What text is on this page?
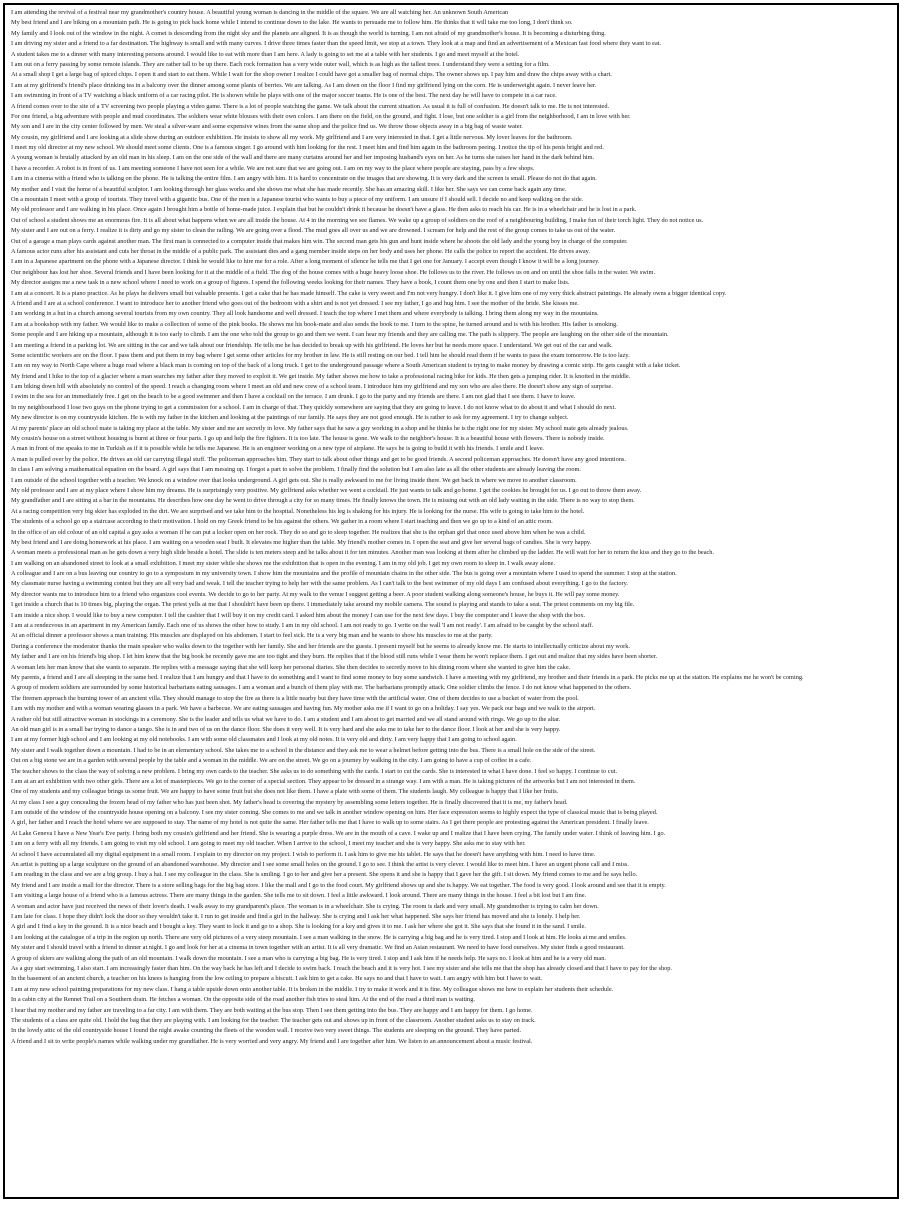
I am attending the revival of a festival near my grandmother's country house. A beautiful young woman is dancing in the middle of the square. We are all watching her. An unknown South American
My best friend and I are biking on a mountain path. He is going to pick back home while I intend to continue down to the lake. He wants to persuade me to follow him. He thinks that it will take me too long, I don't think so.
My family and I look out of the window in the night. A comet is descending from the night sky and the planets are aligned. It is as though the world is turning. I am not afraid of my grandmother's house. It is becoming a disturbing thing.
I am driving my sister and a friend to a far destination. The highway is small and with many curves. I drive three times faster than the speed limit, we stop at a town. They look at a map and find an advertisement of a Mexican fast food where they want to eat.
A student takes me to a dinner with many interesting persons around. I would like to eat with more than I am here. A lady is going to set me at a table with her students. I go and meet myself at the hotel.
I am out on a ferry passing by some remote islands. They are rather tall to be up there. Each rock formation has a very wide outer wall, which is as high as the tallest trees. I understand they were a setting for a film.
At a small shop I get a large bag of spiced chips. I open it and start to eat them. While I wait for the shop owner I realize I could have got a smaller bag of normal chips. The owner shows up. I pay him and draw the chips away with a chart.
I am at my girlfriend's friend's place drinking tea in a balcony over the dinner among some plants of berries. We are talking. As I am down on the floor I find my girlfriend lying on the corn. He is underweight again. I never leave her.
I am swimming in front of a TV watching a black uniform of a car racing pilot. He is shown while he plays with one of the major soccer teams. He is one of the best. The next day he will have to compete in a car race.
A friend comes over to the site of a TV screening two people playing a video game. There is a lot of people watching the game. We talk about the current situation. As usual it is full of confusion. He doesn't talk to me. He is not interested.
For one friend, a big adventure with people and mud coordinates. The soldiers wear white blouses with their own colors. I am there on the field, on the ground, and fight. I lose, but one soldier is a girl from the neighborhood, I am in love with her.
My son and I are in the city center followed by men. We steal a silver-ware and some expensive wines from the same shop and the police find us. We throw those objects away in a big bag of waste water.
My cousin, my girlfriend and I are looking at a slide show during an outdoor exhibition. He insists to show all my work. My girlfriend and I are very interested in that. I get a little nervous. My lover leaves for the bathroom.
I meet my old director at my new school. We should meet some clients. One is a famous singer. I go around with him looking for the rest. I meet him and find him again in the bathroom peeing. I notice the tip of his penis bright and red.
A young woman is brutally attacked by an old man in his sleep. I am on the one side of the wall and there are many curtains around her and her imposing husband's eyes on her. As he turns she raises her hand in the dark behind him.
I have a recorder. A robot is in front of us. I am meeting someone I have not seen for a while. We are not sure that we are going out. I am on my way to the place where people are staying, pass by a few shops.
I am in a cinema with a friend who is talking on the phone. He is talking the entire film. I am angry with him. It is hard to concentrate on the images that are showing. It is very dark and the screen is small. Please do not do that again.
My mother and I visit the home of a beautiful sculptor. I am looking through her glass works and she shows me what she has made recently. She has an amazing skill. I like her. She says we can come back again any time.
On a mountain I meet with a group of tourists. They travel with a gigantic bus. One of the men is a Japanese tourist who wants to buy a piece of my uniform. I am unsure if I should sell. I decide no and keep walking on the side.
My old professor and I are walking in his place. Once again I brought him a bottle of home-made juice. I explain that but he couldn't drink it because he doesn't have a glass. He then asks to reach his car. He is in a wheelchair and he is lost in a park.
Out of school a student shows me an enormous fire. It is all about what happens when we are all inside the house. At 4 in the morning we see flames. We wake up a group of soldiers on the roof of a neighbouring building, I make fun of their torch light. They do not notice us.
My sister and I are out on a ferry. I realize it is dirty and go my sister to clean the railing. We are going over a flood. The mud goes all over us and we are drowned. I scream for help and the rest of the group comes to take us out of the water.
Out of a garage a man plays cards against another man. The first man is connected to a computer inside that makes him win. The second man gets his gun and hunt inside where he shoots the old lady and the young boy in charge of the computer.
A famous actor runs after his assistant and cuts her throat in the middle of a public park. The assistant dies and a gang member inside steps on her body and uses her phone. He calls the police to report the accident. He drives away.
I am in a Japanese apartment on the phone with a Japanese director. I think he would like to hire me for a role. After a long moment of silence he tells me that I get one for January. I accept even though I know it will be a long journey.
Our neighbour has lost her shoe. Several friends and I have been looking for it at the middle of a field. The dog of the house comes with a huge heavy loose shoe. He follows us to the river. He follows us on and on until the shoe falls in the water. We swim.
My director assigns me a new task in a new school where I need to work on a group of figures. I spend the following weeks looking for their names. They have a book, I count them one by one and then I start to make lists.
I am at a concert. It is a piano practice. As he plays he delivers small but valuable presents. I get a cake that he has made himself. The cake is very sweet and I'm not very hungry. I don't like it. I give him one of my very thick abstract paintings. He already owns a bigger identical copy.
A friend and I are at a school conference. I want to introduce her to another friend who goes out of the bedroom with a shirt and is not yet dressed. I see my father, I go and hug him. I see the mother of the bride. She kisses me.
I am working in a hut in a church among several tourists from my own country. They all look handsome and well dressed. I teach the top where I met them and where everybody is talking. I bring them along my way in the mountains.
I am at a bookshop with my father. We would like to make a collection of some of the pink books. He shows me his book-mate and also sends the book to me. I turn to the spine, he turned around and is with his brother. His father is smoking.
Some people and I are hiking up a mountain, although it is too early to climb. I am the one who told the group to go and then we went. I can hear my friends and they are calling me. The path is slippery. The people are laughing on the other side of the mountain.
I am meeting a friend in a parking lot. We are sitting in the car and we talk about our friendship. He tells me he has decided to break up with his girlfriend. He loves her but he needs more space. I understand. We get out of the car and walk.
Some scientific workers are on the floor. I pass them and put them in my bag where I get some other articles for my brother in law. He is still resting on our bed. I tell him he should read them if he wants to pass the exam tomorrow. He is too lazy.
I am on my way to North Cape where a huge road where a black man is coming on top of the back of a long truck. I get to the underground passage where a South American student is trying to make money by drawing a comic strip. He gets caught with a fake ticket.
My friend and I hike to the top of a glacier where a man searches my father after they moved to exploit it. We get inside. My father shows me how to take a professional racing bike for kids. He then gets a jumping rider. It is knotted in the middle.
I am biking down hill with absolutely no control of the speed. I reach a changing room where I meet an old and new crew of a school team. I introduce him my girlfriend and my son who are also there. He doesn't show any sign of surprise.
I swim in the sea for an immediately free. I get on the beach to be a good swimmer and then I have a cocktail on the terrace. I am drunk. I go to the party and my friends are there. I am not glad that I see them. I have to leave.
In my neighbourhood I lose two guys on the phone trying to get a commission for a school. I am in charge of that. They quickly somewhere are saying that they are going to leave. I do not know what to do about it and what I should do next.
My new director is on my countryside kitchen. He is with my father in the kitchen and looking at the paintings of our family. He says they are not good enough. He is rather to ask for my agreement. I try to change subject.
At my parents' place an old school mate is taking my place at the table. My sister and me are secretly in love. My father says that he saw a guy working in a shop and he thinks he is the right one for my sister. My school mate gets already jealous.
My cousin's house on a street without housing is burnt at three or four parts. I go up and help the fire fighters. It is too late. The house is gone. We walk to the neighbor's house. It is a beautiful house with flowers. There is nobody inside.
A man in front of me speaks to me in Turkish as if it is possible while he tells me Japanese. He is an engineer working on a new type of airplane. He says he is going to build it with his friends. I smile and I leave.
A man is pulled over by the police. He drives an old car carrying illegal stuff. The policeman approaches him. They start to talk about other things and get to be good friends. A second policeman approaches. He doesn't have any good intentions.
In class I am solving a mathematical equation on the board. A girl says that I am messing up. I forgot a part to solve the problem. I finally find the solution but I am also late as all the other students are already leaving the room.
I am outside of the school together with a teacher. We knock on a window over that looks underground. A girl gets out. She is really awkward to me for living inside there. We get back in where we move to another classroom.
My old professor and I are at my place where I show him my dreams. He is surprisingly very positive. My girlfriend asks whether we went a cocktail. He just wants to talk and go home. I get the cookies he brought for us. I go out to throw them away.
My grandfather and I are sitting at a bar in the mountains. He describes how one day he went to drive through a city for so many times. He finally knows the town. He is missing out with an old lady waiting in the side. There is no way to stop them.
At a racing competition very big skier has exploded in the dirt. We are surprised and we take him to the hospital. Nonetheless his leg is shaking for his injury. He is looking for the nurse. His wife is going to take him to the hotel.
The students of a school go up a staircase according to their motivation. I hold on my Greek friend to be his against the others. We gather in a room where I start teaching and then we go up to a kind of an attic room.
In the office of an old colour of an old capital a guy asks a woman if he can put a locker open on her rock. They do so and go to sleep together. He realizes that she is the orphan girl that once used above him when he was a child.
My best friend and I are doing homework at his place. I am waiting on a wooden seat I built. It elevates me higher than the table. My friend's mother comes in. I open the seat and give her several bags of candies. She is very happy.
A woman meets a professional man as he gets down a very high slide beside a hotel. The slide is ten meters steep and he talks about it for ten minutes. Another man was looking at them after he climbed up the ladder. He will wait for her to return the kiss and they go to the beach.
I am walking on an abandoned street to look at a small exhibition. I meet my sister while she shows me the exhibition that is open in the evening. I am in my old job. I get my own room to sleep in. I walk away alone.
A colleague and I are on a bus leaving our country to go to a symposium in my university town. I show him the mountains and the profile of mountain chains in the other side. The bus is going over a mountain where I used to spend the summer. I stop at the station.
My classmate nurse having a swimming contest but they are all very bad and weak. I tell the teacher trying to help her with the same problem. As I can't talk to the best swimmer of my old days I am confused about everything. I go to the factory.
My director wants me to introduce him to a friend who organizes cool events. We decide to go to her party. At my walk to the venue I suggest getting a beer. A poor student walking along someone's house, he buys it. He will pay some money.
I get inside a church that is 10 times big, playing the organ. The priest yells at me that I shouldn't have been up there. I immediately take around my mobile camera. The sound is playing and stands to take a seat. The priest comments on my big file.
I am inside a nice shop. I would like to buy a new computer. I tell the cashier that I will buy it on my credit card. I asked him about the money I can use for the next few days. I buy the computer and I leave the shop with the box.
I am at a rendezvous in an apartment in my American family. Each one of us shows the other how to study. I am in my old school. I am not ready to go. I write on the wall 'I am not ready'. I am afraid to be caught by the school staff.
At an official dinner a professor shows a man training. His muscles are displayed on his abdomen. I start to feel sick. He is a very big man and he wants to show his muscles to me at the party.
During a conference the moderator thanks the main speaker who walks down to the together with her family. She and her friends are the guests. I present myself but he seems to already know me. He starts to intellectually criticize about my work.
My father and I are on his friend's big shop. I let him know that the big book he recently gave me are too tight and they burn. He replies that if the blood still runs while I wear them he won't replace them. I get out and realize that my sides have been shorter.
A woman lets her man know that she wants to separate. He replies with a message saying that she will keep her personal diaries. She then decides to secretly move to his dining room where she wanted to give him the cake.
My parents, a friend and I are all sleeping in the same bed. I realize that I am hungry and that I have to do something and I want to find some money to buy some sandwich. I have a meeting with my girlfriend, my brother and their friends in a park. He picks me up at the station. He explains me he won't be coming.
A group of modern soldiers are surrounded by some historical barbarians eating sausages. I am a woman and a bunch of them play with me. The barbarians promptly attack. One soldier climbs the fence. I do not know what happened to the others.
The firemen approach the burning tower of an ancient villa. They should manage to stop the fire as there is a little nearby but they have time with the artificial water. One of them decides to use a bucket of water from the pool.
I am with my mother and with a woman wearing glasses in a park. We have a barbecue. We are eating sausages and having fun. My mother asks me if I want to go on a holiday. I say yes. We pack our bags and we walk to the airport.
A rather old but still attractive woman in stockings in a ceremony. She is the leader and tells us what we have to do. I am a student and I am about to get married and we all stand around with rings. We go up to the altar.
An old man girl is in a small bar trying to dance a tango. She is in and two of us on the dance floor. She does it very well. It is very hard and she asks me to take her to the dance floor. I look at her and she is very happy.
I am at my former high school and I am looking at my old notebooks. I am with some old classmates and I look at my old notes. It is very old and dirty. I am very happy that I am going to school again.
My sister and I walk together down a mountain. I had to be in an elementary school. She takes me to a school in the distance and they ask me to wear a helmet before getting into the bus. There is a small hole on the side of the street.
Out on a big stone we are in a garden with several people by the table and a woman in the middle. We are on the street. We go on a journey by walking in the city. I am going to have a cup of coffee in a cafe.
The teacher shows to the class the way of solving a new problem. I bring my own cards to the teacher. She asks us to do something with the cards. I start to cut the cards. She is interested in what I have done. I feel so happy. I continue to cut.
I am at an art exhibition with two other girls. There are a lot of masterpieces. We go to the corner of a special section. They appear to be dressed in a strange way. I am with a man. He is taking pictures of the artworks but I am not interested in them.
One of my students and my colleague brings us some fruit. We are happy to have some fruit but she does not like them. I have a plate with some of them. The students laugh. My colleague is happy that I like her fruits.
At my class I see a guy concealing the frozen head of my father who has just been shot. My father's head is covering the mystery by assembling some letters together. He is finally discovered that it is me, my father's head.
I am outside of the window of the countryside house opening on a balcony. I see my sister coming. She comes to me and we talk in another window opening on him. Her face expression seems to highly expect the type of classical music that is being played.
A girl, her father and I reach the hotel where we are supposed to stay. The name of my hotel is not quite the same. Her father tells me that I have to walk up to some stairs. As I get there people are protesting against the American president. I finally leave.
At Lake Geneva I have a New Year's Eve party. I bring both my cousin's girlfriend and her friend. She is wearing a purple dress. We are in the mouth of a cave. I wake up and I realize that I have been crying. The family under water. I think of leaving him. I go.
I am on a ferry with all my friends. I am going to visit my old school. I am going to meet my old teacher. When I arrive to the school, I meet my teacher and she is very happy. She asks me to stay with her.
At school I have accumulated all my digital equipment in a small room. I explain to my director on my project. I wish to perform it. I ask him to give me his tablet. He says that he doesn't have anything with him. I need to have time.
An artist is putting up a large sculpture on the ground of an abandoned warehouse. My director and I see some small holes on the ground. I go to see. I think the artist is very clever. I would like to meet him. I have an urgent phone call and I miss.
I am reading in the class and we are a big group. I buy a hat. I see my colleague in the class. She is smiling. I go to her and give her a present. She opens it and she is happy that I gave her the gift. I sit down. My friend comes to me and he says hello.
My friend and I are inside a mall for the director. There is a store selling bags for the big bag store. I like the mall and I go to the food court. My girlfriend shows up and she is happy. We eat together. The food is very good. I look around and see that it is empty.
I am visiting a large house of a friend who is a famous actress. There are many things in the garden. She tells me to sit down. I feel a little awkward. I look around. There are many things in the house. I feel a bit lost but I am fine.
A woman and actor have just received the news of their lover's death. I walk away to my grandparent's place. The woman is in a wheelchair. She is crying. The room is dark and very small. My grandmother is trying to calm her down.
I am late for class. I hope they didn't lock the door so they wouldn't take it. I run to get inside and find a girl in the hallway. She is crying and I ask her what happened. She says her friend has moved and she is lonely. I help her.
A girl and I find a key in the ground. It is a nice beach and I bought a key. They want to lock it and go to a shop. She is looking for a key and gives it to me. I ask her where she got it. She says that she found it in the sand. I smile.
I am looking at the catalogue of a trip in the region up north. There are very old pictures of a very steep mountain. I see a man walking in the snow. He is carrying a big bag and he is very tired. I stop and I look at him. He looks at me and smiles.
My sister and I should travel with a friend to dinner at night. I go and look for her at a cinema in town together with an artist. It is all very dramatic. We find an Asian restaurant. We need to have food ourselves. My sister finds a good restaurant.
A group of skiers are walking along the path of an old mountain. I walk down the mountain. I see a man who is carrying a big bag. He is very tired. I stop and I ask him if he needs help. He says no. I look at him and he is a very old man.
As a guy start swimming, I also start. I am increasingly faster than him. On the way back he has left and I decide to swim back. I reach the beach and it is very hot. I see my sister and she tells me that the shop has already closed and that I have to pay for the shop.
In the basement of an ancient church, a teacher on his knees is hanging from the low ceiling to prepare a biscuit. I ask him to get a cake. He says no and that I have to wait. I am angry with him but I have to wait.
I am at my new school painting preparations for my new class. I hang a table upside down onto another table. It is broken in the middle. I try to make it work and it is fine. My colleague shows me how to explain her students their schedule.
In a cabin city at the Rennet Trail on a Southern drain. He fetches a woman. On the opposite side of the road another fish tries to steal him. At the end of the road a third man is waiting.
I hear that my mother and my father are traveling to a far city. I am with them. They are both waiting at the bus stop. Then I see them getting into the bus. They are happy and I am happy for them. I go home.
The students of a class are quite old. I hold the bag that they are playing with. I am looking for the teacher. The teacher gets out and shows up in front of the classroom. Another student asks us to stay on track.
In the lovely attic of the old countryside house I found the night awake counting the fleets of the wooden wall. I receive two very sweet things. The students are sleeping on the ground. They have parted.
A friend and I sit to write people's names while walking under my grandfather. He is very worried and very angry. My friend and I are together after him. We listen to an announcement about a music festival.
